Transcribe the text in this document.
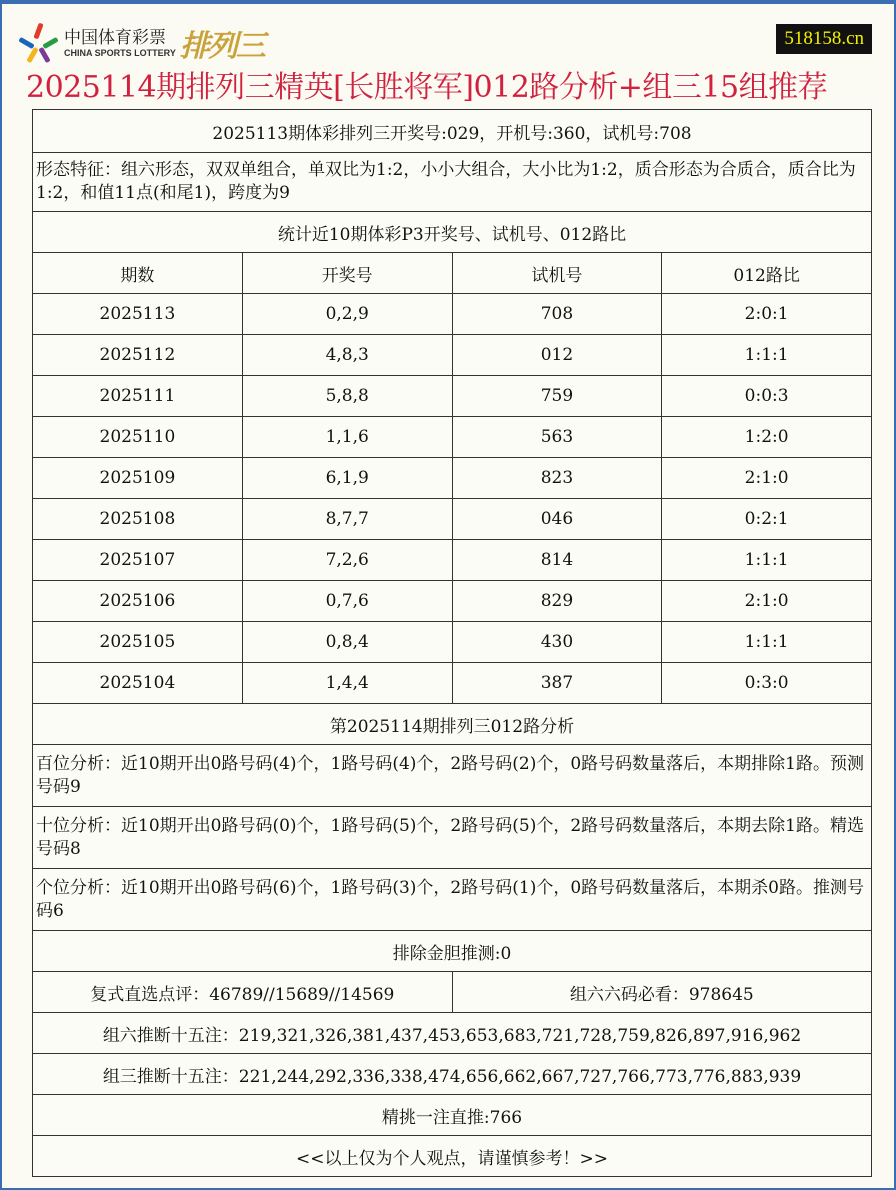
中国体育彩票
CHINA SPORTS LOTTERY 排列三	518158.cn
2025114期排列三精英[长胜将军]012路分析+组三15组推荐
2025113期体彩排列三开奖号:029，开机号:360，试机号:708			
形态特征：组六形态，双双单组合，单双比为1:2，小小大组合，大小比为1:2，质合形态为合质合，质合比为1:2，和值11点(和尾1)，跨度为9			
统计近10期体彩P3开奖号、试机号、012路比			
期数	开奖号	试机号	012路比
2025113	0,2,9	708	2:0:1
2025112	4,8,3	012	1:1:1
2025111	5,8,8	759	0:0:3
2025110	1,1,6	563	1:2:0
2025109	6,1,9	823	2:1:0
2025108	8,7,7	046	0:2:1
2025107	7,2,6	814	1:1:1
2025106	0,7,6	829	2:1:0
2025105	0,8,4	430	1:1:1
2025104	1,4,4	387	0:3:0
第2025114期排列三012路分析			
百位分析：近10期开出0路号码(4)个，1路号码(4)个，2路号码(2)个，0路号码数量落后，本期排除1路。预测号码9			
十位分析：近10期开出0路号码(0)个，1路号码(5)个，2路号码(5)个，2路号码数量落后，本期去除1路。精选号码8			
个位分析：近10期开出0路号码(6)个，1路号码(3)个，2路号码(1)个，0路号码数量落后，本期杀0路。推测号码6			
排除金胆推测:0			
复式直选点评：46789//15689//14569		组六六码必看：978645	
组六推断十五注：219,321,326,381,437,453,653,683,721,728,759,826,897,916,962			
组三推断十五注：221,244,292,336,338,474,656,662,667,727,766,773,776,883,939			
精挑一注直推:766			
<<以上仅为个人观点，请谨慎参考！>>			
